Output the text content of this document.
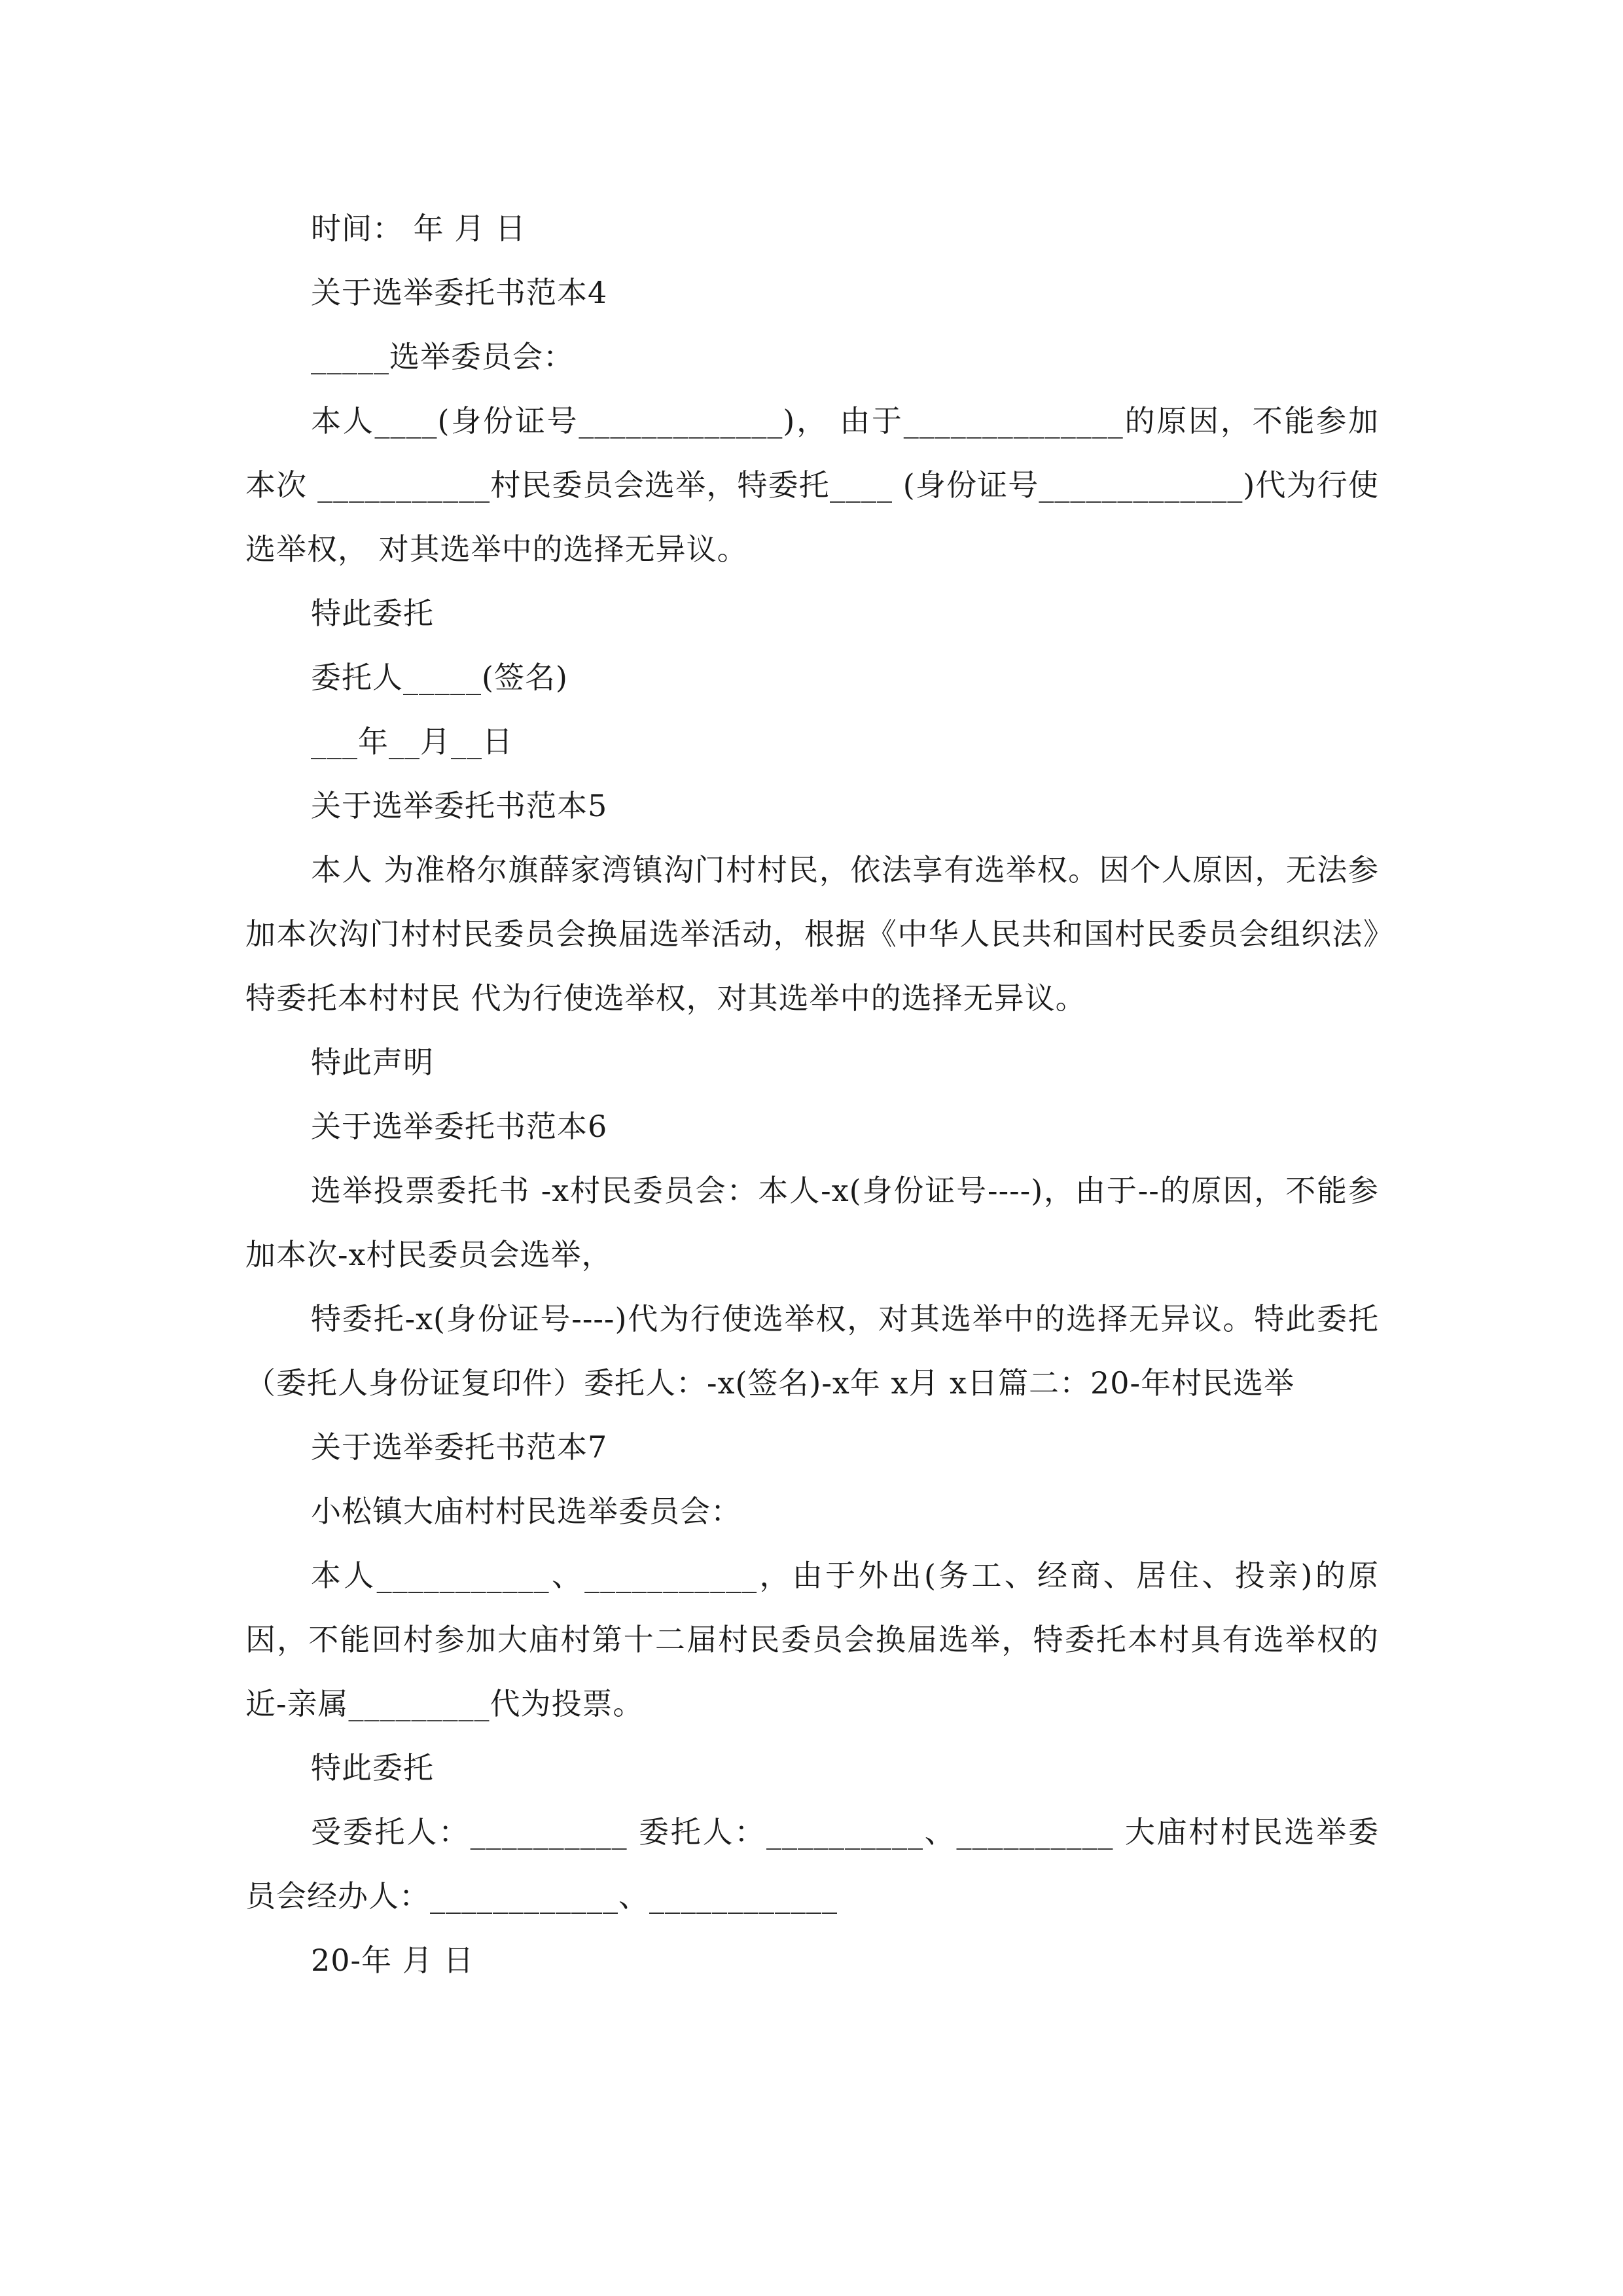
时间： 年 月 日

关于选举委托书范本4

_____选举委员会：

本人____(身份证号_____________)， 由于______________的原因，不能参加本次 ___________村民委员会选举，特委托____ (身份证号_____________)代为行使选举权， 对其选举中的选择无异议。

特此委托

委托人_____(签名)

___年__月__日

关于选举委托书范本5

本人 为准格尔旗薛家湾镇沟门村村民，依法享有选举权。因个人原因，无法参加本次沟门村村民委员会换届选举活动，根据《中华人民共和国村民委员会组织法》特委托本村村民 代为行使选举权，对其选举中的选择无异议。

特此声明

关于选举委托书范本6

选举投票委托书 -x村民委员会：本人-x(身份证号----)，由于--的原因，不能参加本次-x村民委员会选举，

特委托-x(身份证号----)代为行使选举权，对其选举中的选择无异议。特此委托（委托人身份证复印件）委托人：-x(签名)-x年 x月 x日篇二：20-年村民选举

关于选举委托书范本7

小松镇大庙村村民选举委员会：

本人___________、___________，由于外出(务工、经商、居住、投亲)的原因，不能回村参加大庙村第十二届村民委员会换届选举，特委托本村具有选举权的近-亲属_________代为投票。

特此委托

受委托人：__________ 委托人：__________、__________ 大庙村村民选举委员会经办人：____________、____________

20-年 月 日
